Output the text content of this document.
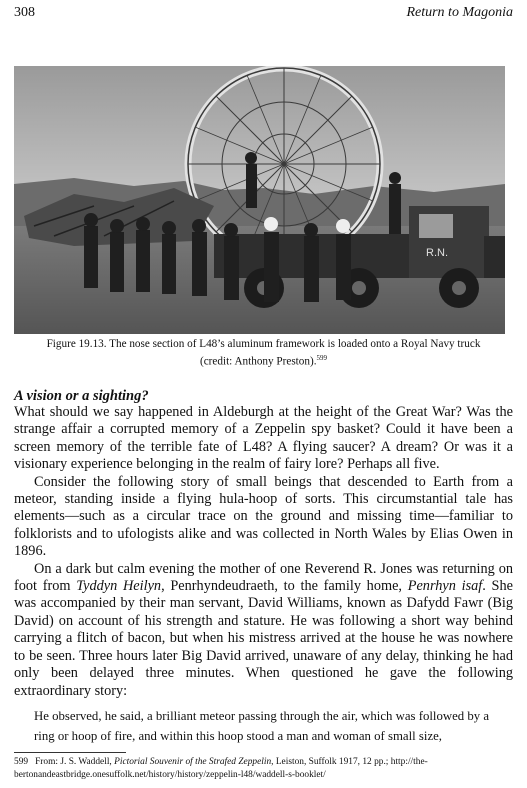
308	Return to Magonia
R.N.
Figure 19.13. The nose section of L48’s aluminum framework is loaded onto a Royal Navy truck
(credit: Anthony Preston).$^{599}$
A vision or a sighting?

What should we say happened in Aldeburgh at the height of the Great War? Was the strange affair a corrupted memory of a Zeppelin spy basket? Could it have been a screen memory of the terrible fate of L48? A flying saucer? A dream? Or was it a visionary experience belonging in the realm of fairy lore? Perhaps all five.

Consider the following story of small beings that descended to Earth from a meteor, standing inside a flying hula-hoop of sorts. This circumstantial tale has elements—such as a circular trace on the ground and missing time—familiar to folklorists and to ufologists alike and was collected in North Wales by Elias Owen in 1896.

On a dark but calm evening the mother of one Reverend R. Jones was returning on foot from Tyddyn Heilyn, Penrhyndeudraeth, to the family home, Penrhyn isaf. She was accompanied by their man servant, David Williams, known as Dafydd Fawr (Big David) on account of his strength and stature. He was following a short way behind carrying a flitch of bacon, but when his mistress arrived at the house he was nowhere to be seen. Three hours later Big David arrived, unaware of any delay, thinking he had only been delayed three minutes. When questioned he gave the following extraordinary story:

He observed, he said, a brilliant meteor passing through the air, which was followed by a ring or hoop of fire, and within this hoop stood a man and woman of small size,
599 From: J. S. Waddell, Pictorial Souvenir of the Strafed Zeppelin, Leiston, Suffolk 1917, 12 pp.; http://the-bertonandeastbridge.onesuffolk.net/history/history/zeppelin-l48/waddell-s-booklet/
